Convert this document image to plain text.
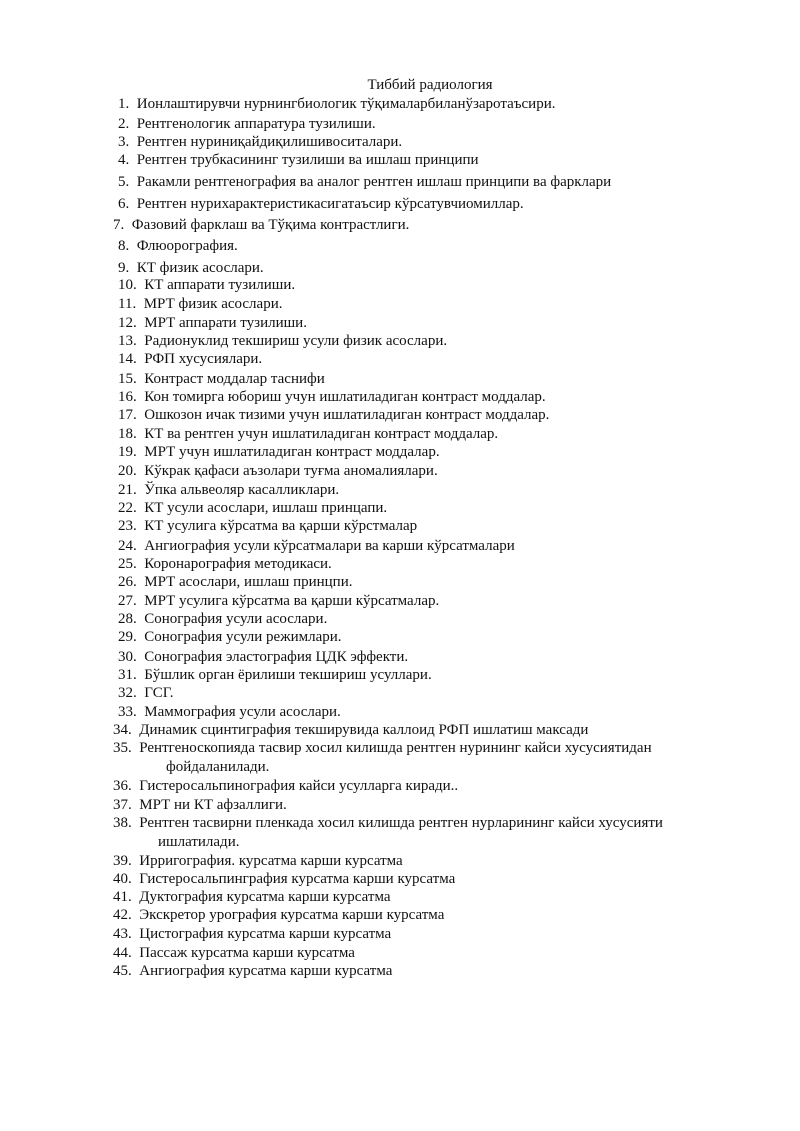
Тиббий радиология
1. Ионлаштирувчи нурнингбиологик тўқималарбиланўзаротаъсири.
2. Рентгенологик аппаратура тузилиши.
3. Рентген нуриниқайдиқилишивоситалари.
4. Рентген трубкасининг тузилиши ва ишлаш принципи
5. Ракамли рентгенография ва аналог рентген ишлаш принципи ва фарклари
6. Рентген нурихарактеристикасигатаъсир кўрсатувчиомиллар.
7. Фазовий фарклаш ва Тўқима контрастлиги.
8. Флюорография.
9. КТ физик асослари.
10. КТ аппарати тузилиши.
11. МРТ физик асослари.
12. МРТ аппарати тузилиши.
13. Радионуклид текшириш усули физик асослари.
14. РФП хусусиялари.
15. Контраст моддалар таснифи
16. Кон томирга юбориш учун ишлатиладиган контраст моддалар.
17.  Ошкозон ичак тизими учун ишлатиладиган контраст моддалар.
18. КТ ва рентген учун ишлатиладиган контраст моддалар.
19. МРТ учун ишлатиладиган контраст моддалар.
20. Кўкрак қафаси аъзолари туғма аномалиялари.
21. Ўпка альвеоляр касалликлари.
22. КТ усули асослари, ишлаш принцапи.
23. КТ усулига кўрсатма ва қарши кўрстмалар
24. Ангиография усули кўрсатмалари ва карши кўрсатмалари
25. Коронарография методикаси.
26. МРТ асослари, ишлаш принцпи.
27. МРТ усулига кўрсатма ва қарши кўрсатмалар.
28. Сонография усули асослари.
29.  Сонография усули режимлари.
30. Сонография эластография ЦДК эффекти.
31. Бўшлик орган ёрилиши текшириш усуллари.
32. ГСГ.
33. Маммография усули асослари.
34.  Динамик сцинтиграфия текширувида каллоид РФП ишлатиш максади
35. Рентгеноскопияда тасвир хосил килишда рентген нурининг кайси хусусиятидан
фойдаланилади.
36. Гистеросальпинография кайси усулларга киради..
37. МРТ ни КТ афзаллиги.
38. Рентген тасвирни пленкада хосил килишда рентген нурларининг кайси хусусияти
ишлатилади.
39. Ирригография. курсатма карши курсатма
40. Гистеросальпинграфия курсатма карши курсатма
41. Дуктография курсатма карши курсатма
42. Экскретор урография курсатма карши курсатма
43. Цистография курсатма карши курсатма
44. Пассаж курсатма карши курсатма
45. Ангиография курсатма карши курсатма
